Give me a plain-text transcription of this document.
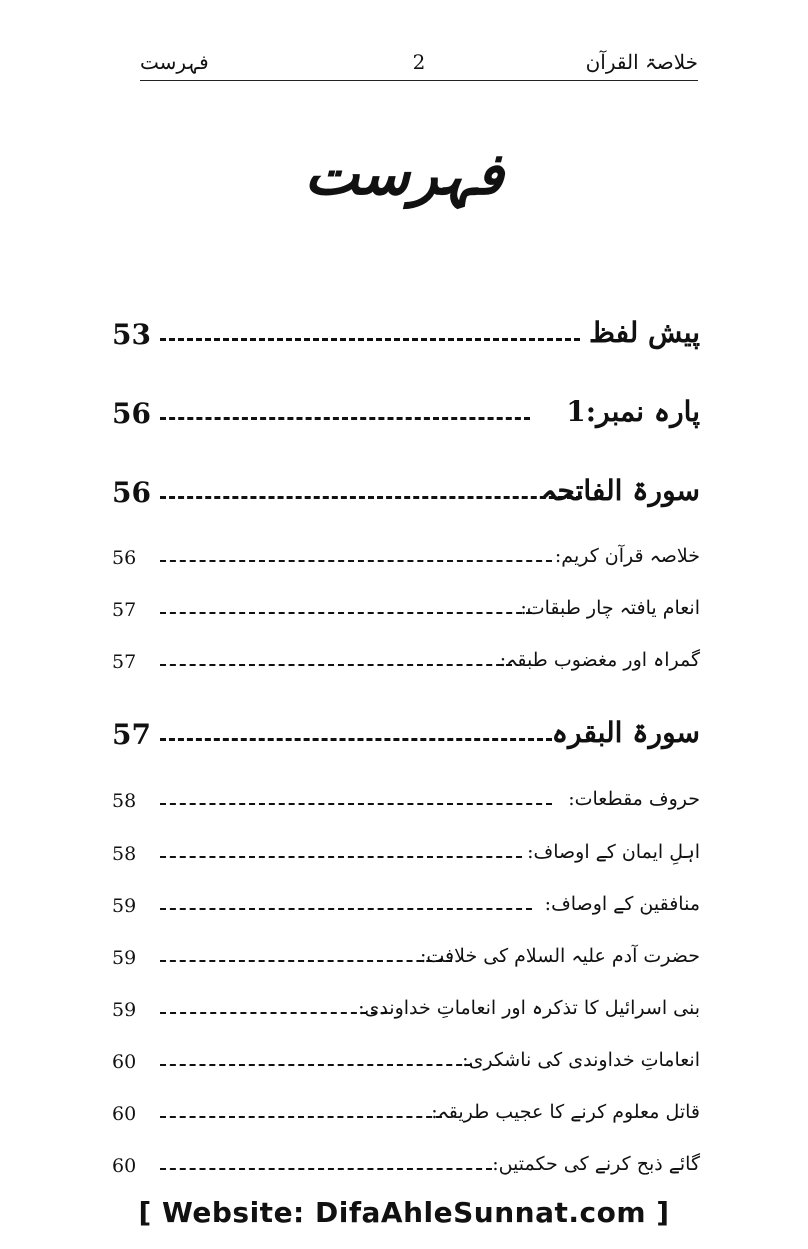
فہرست	2	خلاصۃ القرآن
فہرست
53	پیش لفظ
56	پارہ نمبر:1
56	سورۃ الفاتحہ
56	خلاصہ قرآن کریم:
57	انعام یافتہ چار طبقات:
57	گمراہ اور مغضوب طبقہ:
57	سورۃ البقرہ
58	حروف مقطعات:
58	اہلِ ایمان کے اوصاف:
59	منافقین کے اوصاف:
59	حضرت آدم علیہ السلام کی خلافت:
59	بنی اسرائیل کا تذکرہ اور انعاماتِ خداوندی:
60	انعاماتِ خداوندی کی ناشکری:
60	قاتل معلوم کرنے کا عجیب طریقہ:
60	گائے ذبح کرنے کی حکمتیں:
[ Website: DifaAhleSunnat.com ]
